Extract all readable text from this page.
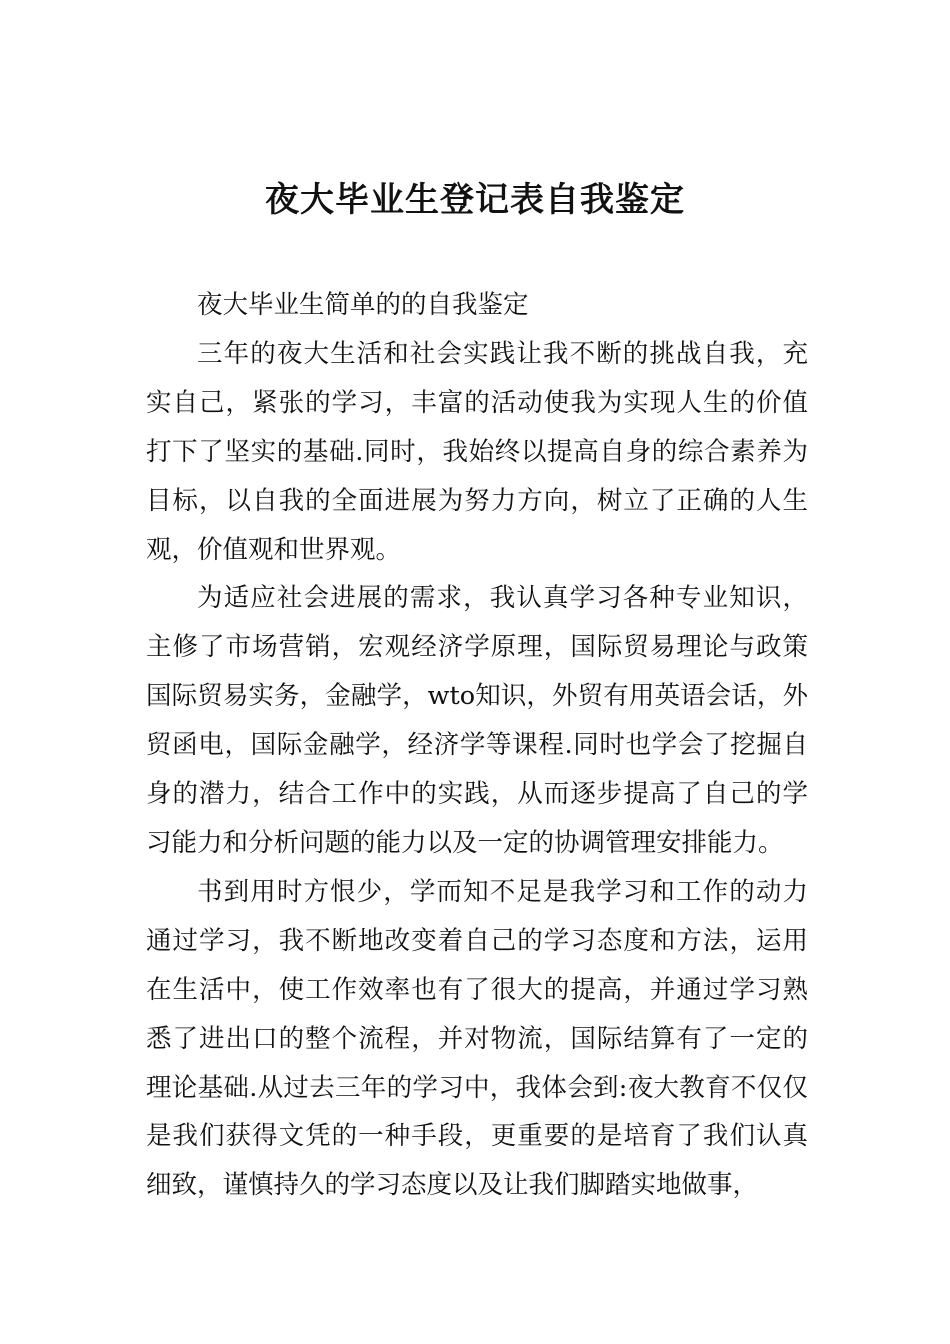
夜大毕业生登记表自我鉴定

夜大毕业生简单的的自我鉴定

三年的夜大生活和社会实践让我不断的挑战自我，充实自己，紧张的学习，丰富的活动使我为实现人生的价值打下了坚实的基础.同时，我始终以提高自身的综合素养为目标，以自我的全面进展为努力方向，树立了正确的人生观，价值观和世界观。

为适应社会进展的需求，我认真学习各种专业知识，主修了市场营销，宏观经济学原理，国际贸易理论与政策国际贸易实务，金融学，wto知识，外贸有用英语会话，外贸函电，国际金融学，经济学等课程.同时也学会了挖掘自身的潜力，结合工作中的实践，从而逐步提高了自己的学习能力和分析问题的能力以及一定的协调管理安排能力。

书到用时方恨少，学而知不足是我学习和工作的动力通过学习，我不断地改变着自己的学习态度和方法，运用在生活中，使工作效率也有了很大的提高，并通过学习熟悉了进出口的整个流程，并对物流，国际结算有了一定的理论基础.从过去三年的学习中，我体会到:夜大教育不仅仅是我们获得文凭的一种手段，更重要的是培育了我们认真细致，谨慎持久的学习态度以及让我们脚踏实地做事，
